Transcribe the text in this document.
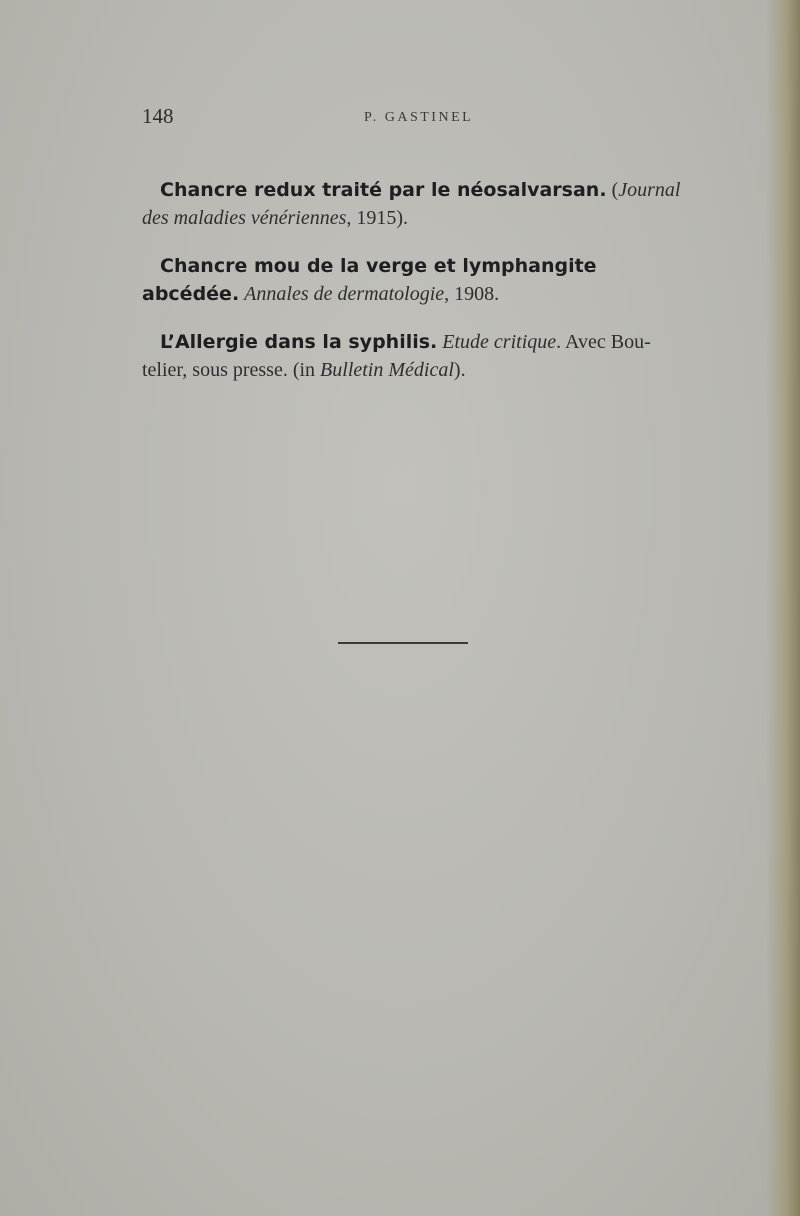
148	P. GASTINEL

Chancre redux traité par le néosalvarsan. (Journal des maladies vénériennes, 1915).

Chancre mou de la verge et lymphangite abcédée. Annales de dermatologie, 1908.

L’Allergie dans la syphilis. Etude critique. Avec Bou-telier, sous presse. (in Bulletin Médical).
